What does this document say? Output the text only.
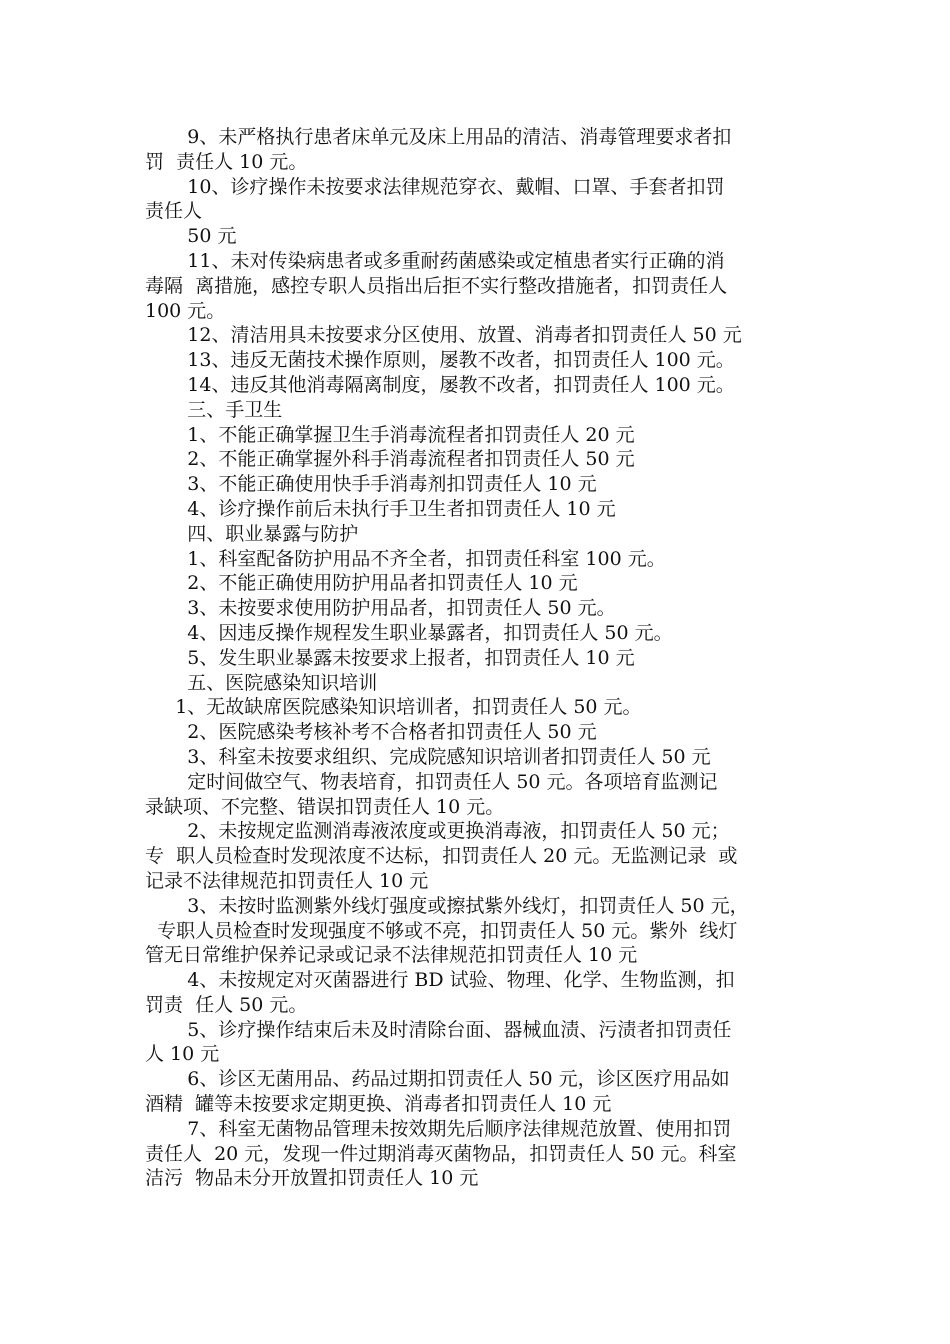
9、未严格执行患者床单元及床上用品的清洁、消毒管理要求者扣
罚  责任人 10 元。
10、诊疗操作未按要求法律规范穿衣、戴帽、口罩、手套者扣罚
责任人
50 元
11、未对传染病患者或多重耐药菌感染或定植患者实行正确的消
毒隔  离措施，感控专职人员指出后拒不实行整改措施者，扣罚责任人
100 元。
12、清洁用具未按要求分区使用、放置、消毒者扣罚责任人 50 元
13、违反无菌技术操作原则，屡教不改者，扣罚责任人 100 元。
14、违反其他消毒隔离制度，屡教不改者，扣罚责任人 100 元。
三、手卫生
1、不能正确掌握卫生手消毒流程者扣罚责任人 20 元
2、不能正确掌握外科手消毒流程者扣罚责任人 50 元
3、不能正确使用快手手消毒剂扣罚责任人 10 元
4、诊疗操作前后未执行手卫生者扣罚责任人 10 元
四、职业暴露与防护
1、科室配备防护用品不齐全者，扣罚责任科室 100 元。
2、不能正确使用防护用品者扣罚责任人 10 元
3、未按要求使用防护用品者，扣罚责任人 50 元。
4、因违反操作规程发生职业暴露者，扣罚责任人 50 元。
5、发生职业暴露未按要求上报者，扣罚责任人 10 元
五、医院感染知识培训
1、无故缺席医院感染知识培训者，扣罚责任人 50 元。
2、医院感染考核补考不合格者扣罚责任人 50 元
3、科室未按要求组织、完成院感知识培训者扣罚责任人 50 元
定时间做空气、物表培育，扣罚责任人 50 元。各项培育监测记
录缺项、不完整、错误扣罚责任人 10 元。
2、未按规定监测消毒液浓度或更换消毒液，扣罚责任人 50 元；
专  职人员检查时发现浓度不达标，扣罚责任人 20 元。无监测记录  或
记录不法律规范扣罚责任人 10 元
3、未按时监测紫外线灯强度或擦拭紫外线灯，扣罚责任人 50 元，
专职人员检查时发现强度不够或不亮，扣罚责任人 50 元。紫外  线灯
管无日常维护保养记录或记录不法律规范扣罚责任人 10 元
4、未按规定对灭菌器进行 BD 试验、物理、化学、生物监测，扣
罚责  任人 50 元。
5、诊疗操作结束后未及时清除台面、器械血渍、污渍者扣罚责任
人 10 元
6、诊区无菌用品、药品过期扣罚责任人 50 元，诊区医疗用品如
酒精  罐等未按要求定期更换、消毒者扣罚责任人 10 元
7、科室无菌物品管理未按效期先后顺序法律规范放置、使用扣罚
责任人  20 元，发现一件过期消毒灭菌物品，扣罚责任人 50 元。科室
洁污  物品未分开放置扣罚责任人 10 元
